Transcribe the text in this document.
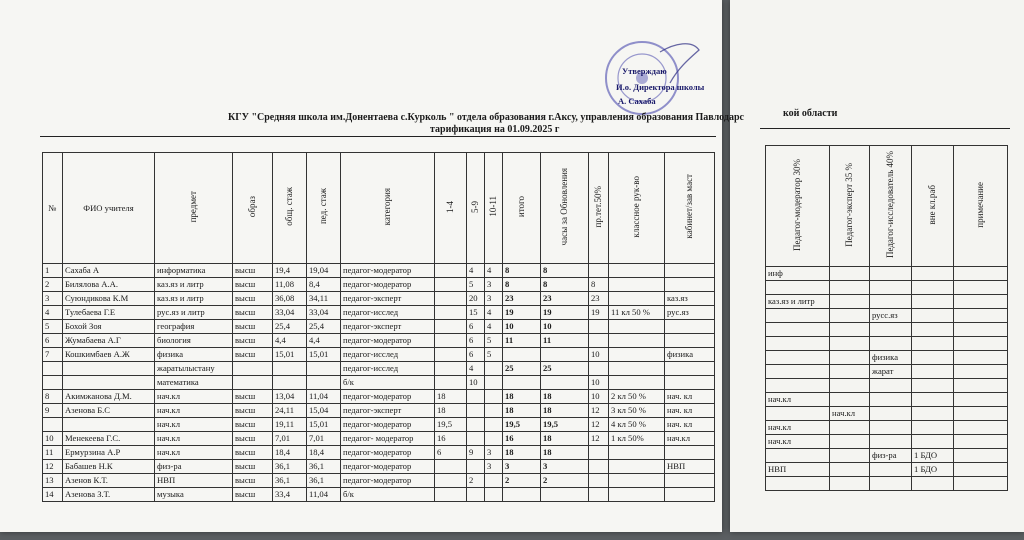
Утверждаю
И.о. Директора школы
А. Сахаба
КГУ "Средняя школа им.Донентаева с.Курколь " отдела образования г.Аксу, управления образования Павлодарс
тарификация на 01.09.2025 г
кой области
№	ФИО учителя	предмет	образ	общ. стаж	пед. стаж	категория	1-4	5-9	10-11	итого	часы за Обновления	пр.тет.50%	классное рук-во	кабинет/зав маст
1	Сахаба А	информатика	высш	19,4	19,04	педагог-модератор		4	4	8	8			
2	Билялова А.А.	каз.яз и литр	высш	11,08	8,4	педагог-модератор		5	3	8	8	8		
3	Суюндикова К.М	каз.яз и литр	высш	36,08	34,11	педагог-эксперт		20	3	23	23	23		каз.яз
4	Тулебаева Г.Е	рус.яз и литр	высш	33,04	33,04	педагог-исслед		15	4	19	19	19	11 кл 50 %	рус.яз
5	Бохой Зоя	география	высш	25,4	25,4	педагог-эксперт		6	4	10	10			
6	Жумабаева А.Г	биология	высш	4,4	4,4	педагог-модератор		6	5	11	11			
7	Кошкимбаев А.Ж	физика	высш	15,01	15,01	педагог-исслед		6	5			10		физика
		жаратылыстану				педагог-исслед		4		25	25			
		математика				б/к		10				10		
8	Акимжанова Д.М.	нач.кл	высш	13,04	11,04	педагог-модератор	18			18	18	10	2 кл 50 %	нач. кл
9	Азенова Б.С	нач.кл	высш	24,11	15,04	педагог-эксперт	18			18	18	12	3 кл 50 %	нач. кл
		нач.кл	высш	19,11	15,01	педагог-модератор	19,5			19,5	19,5	12	4 кл 50 %	нач. кл
10	Менекеева Г.С.	нач.кл	высш	7,01	7,01	педагог- модератор	16			16	18	12	1 кл 50%	нач.кл
11	Ермурзина А.Р	нач.кл	высш	18,4	18,4	педагог-модератор	6	9	3	18	18			
12	Бабашев Н.К	физ-ра	высш	36,1	36,1	педагог-модератор			3	3	3			НВП
13	Азенов К.Т.	НВП	высш	36,1	36,1	педагог-модератор		2		2	2			
14	Азенова З.Т.	музыка	высш	33,4	11,04	б/к								
Педагог-модератор 30%	Педагог-эксперт 35 %	Педагог-исследователь 40%	вне кл.раб	примечание
инф				

каз.яз и литр				
		русс.яз		

		физика		
		жарат		

нач.кл				
	нач.кл			
нач.кл				
нач.кл				
		физ-ра	1 БДО	
НВП			1 БДО	
